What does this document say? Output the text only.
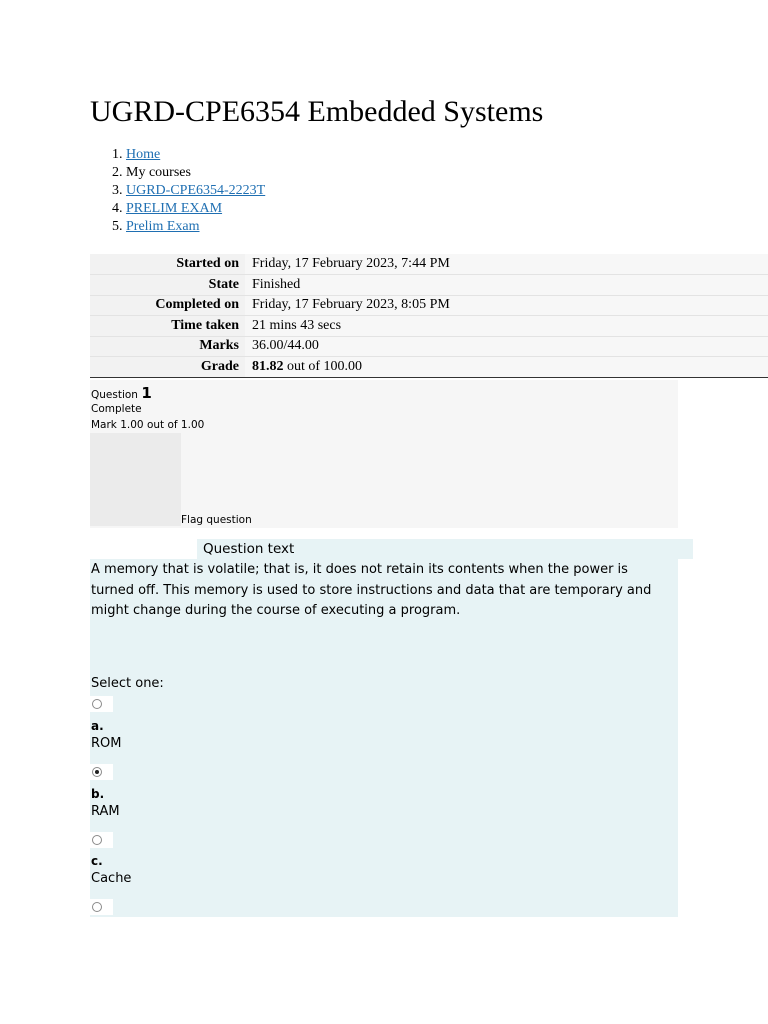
UGRD-CPE6354 Embedded Systems
1. Home
2. My courses
3. UGRD-CPE6354-2223T
4. PRELIM EXAM
5. Prelim Exam
Started on	Friday, 17 February 2023, 7:44 PM
State	Finished
Completed on	Friday, 17 February 2023, 8:05 PM
Time taken	21 mins 43 secs
Marks	36.00/44.00
Grade	81.82 out of 100.00
Question 1
Complete
Mark 1.00 out of 1.00
Flag question
Question text

A memory that is volatile; that is, it does not retain its contents when the power is turned off. This memory is used to store instructions and data that are temporary and might change during the course of executing a program.

Select one:
a.
ROM
b.
RAM
c.
Cache
